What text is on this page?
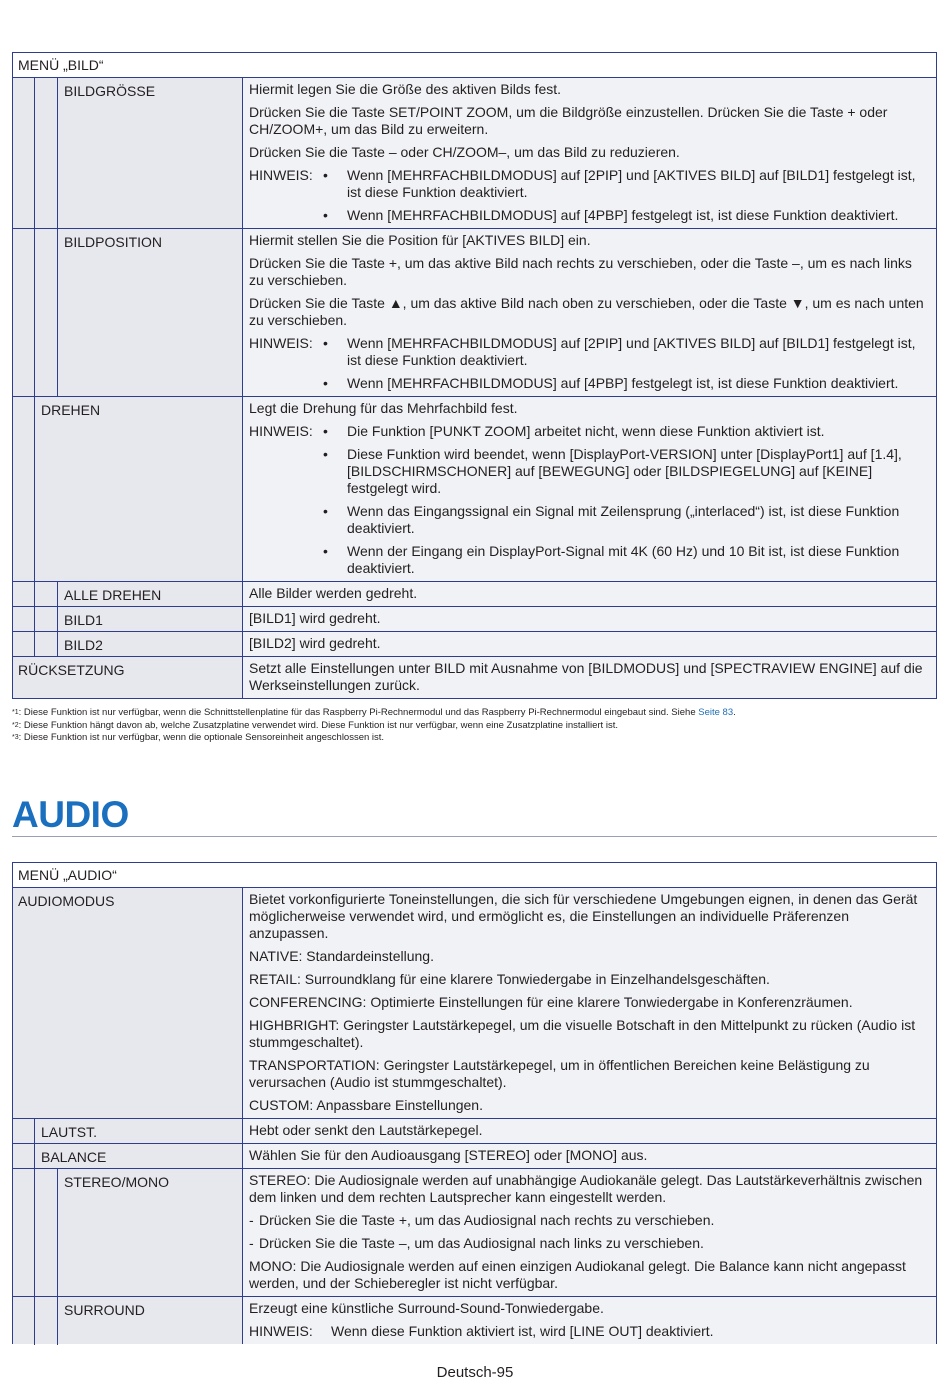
MENÜ „BILD“
BILDGRÖSSE	Hiermit legen Sie die Größe des aktiven Bilds fest.

Drücken Sie die Taste SET/POINT ZOOM, um die Bildgröße einzustellen. Drücken Sie die Taste + oder CH/ZOOM+, um das Bild zu erweitern.

Drücken Sie die Taste – oder CH/ZOOM–, um das Bild zu reduzieren.

HINWEIS: •	Wenn [MEHRFACHBILDMODUS] auf [2PIP] und [AKTIVES BILD] auf [BILD1] festgelegt ist, ist diese Funktion deaktiviert.
•	Wenn [MEHRFACHBILDMODUS] auf [4PBP] festgelegt ist, ist diese Funktion deaktiviert.
BILDPOSITION	Hiermit stellen Sie die Position für [AKTIVES BILD] ein.

Drücken Sie die Taste +, um das aktive Bild nach rechts zu verschieben, oder die Taste –, um es nach links zu verschieben.

Drücken Sie die Taste ▲, um das aktive Bild nach oben zu verschieben, oder die Taste ▼, um es nach unten zu verschieben.

HINWEIS: •	Wenn [MEHRFACHBILDMODUS] auf [2PIP] und [AKTIVES BILD] auf [BILD1] festgelegt ist, ist diese Funktion deaktiviert.
•	Wenn [MEHRFACHBILDMODUS] auf [4PBP] festgelegt ist, ist diese Funktion deaktiviert.
DREHEN	Legt die Drehung für das Mehrfachbild fest.

HINWEIS: •	Die Funktion [PUNKT ZOOM] arbeitet nicht, wenn diese Funktion aktiviert ist.
•	Diese Funktion wird beendet, wenn [DisplayPort-VERSION] unter [DisplayPort1] auf [1.4], [BILDSCHIRMSCHONER] auf [BEWEGUNG] oder [BILDSPIEGELUNG] auf [KEINE] festgelegt wird.
•	Wenn das Eingangssignal ein Signal mit Zeilensprung („interlaced“) ist, ist diese Funktion deaktiviert.
•	Wenn der Eingang ein DisplayPort-Signal mit 4K (60 Hz) und 10 Bit ist, ist diese Funktion deaktiviert.
ALLE DREHEN	Alle Bilder werden gedreht.

BILD1	[BILD1] wird gedreht.

BILD2	[BILD2] wird gedreht.

RÜCKSETZUNG	Setzt alle Einstellungen unter BILD mit Ausnahme von [BILDMODUS] und [SPECTRAVIEW ENGINE] auf die Werkseinstellungen zurück.

$^{*1}$: Diese Funktion ist nur verfügbar, wenn die Schnittstellenplatine für das Raspberry Pi-Rechnermodul und das Raspberry Pi-Rechnermodul eingebaut sind. Siehe Seite 83.
$^{*2}$: Diese Funktion hängt davon ab, welche Zusatzplatine verwendet wird. Diese Funktion ist nur verfügbar, wenn eine Zusatzplatine installiert ist.
$^{*3}$: Diese Funktion ist nur verfügbar, wenn die optionale Sensoreinheit angeschlossen ist.
AUDIO
MENÜ „AUDIO“
AUDIOMODUS	Bietet vorkonfigurierte Toneinstellungen, die sich für verschiedene Umgebungen eignen, in denen das Gerät möglicherweise verwendet wird, und ermöglicht es, die Einstellungen an individuelle Präferenzen anzupassen.

NATIVE: Standardeinstellung.

RETAIL: Surroundklang für eine klarere Tonwiedergabe in Einzelhandelsgeschäften.

CONFERENCING: Optimierte Einstellungen für eine klarere Tonwiedergabe in Konferenzräumen.

HIGHBRIGHT: Geringster Lautstärkepegel, um die visuelle Botschaft in den Mittelpunkt zu rücken (Audio ist stummgeschaltet).

TRANSPORTATION: Geringster Lautstärkepegel, um in öffentlichen Bereichen keine Belästigung zu verursachen (Audio ist stummgeschaltet).

CUSTOM: Anpassbare Einstellungen.

LAUTST.	Hebt oder senkt den Lautstärkepegel.

BALANCE	Wählen Sie für den Audioausgang [STEREO] oder [MONO] aus.

STEREO/MONO	STEREO: Die Audiosignale werden auf unabhängige Audiokanäle gelegt. Das Lautstärkeverhältnis zwischen dem linken und dem rechten Lautsprecher kann eingestellt werden.

- Drücken Sie die Taste +, um das Audiosignal nach rechts zu verschieben.

- Drücken Sie die Taste –, um das Audiosignal nach links zu verschieben.

MONO: Die Audiosignale werden auf einen einzigen Audiokanal gelegt. Die Balance kann nicht angepasst werden, und der Schieberegler ist nicht verfügbar.

SURROUND	Erzeugt eine künstliche Surround-Sound-Tonwiedergabe.

HINWEIS:	Wenn diese Funktion aktiviert ist, wird [LINE OUT] deaktiviert.
Deutsch-95
